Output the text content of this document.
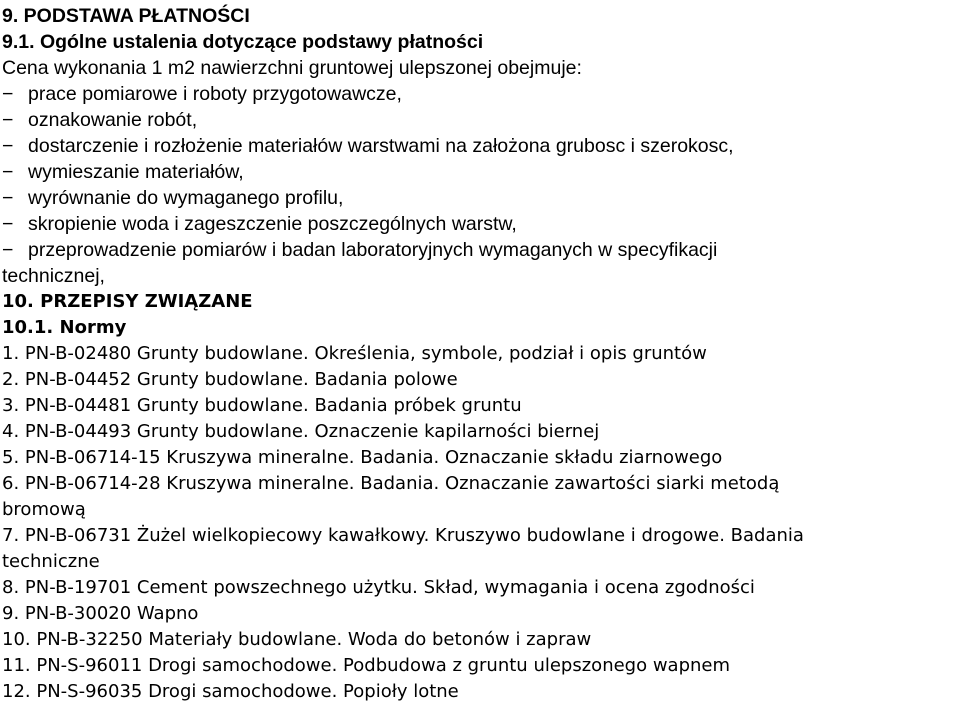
9. PODSTAWA PŁATNOŚCI
9.1. Ogólne ustalenia dotyczące podstawy płatności
Cena wykonania 1 m2 nawierzchni gruntowej ulepszonej obejmuje:
− prace pomiarowe i roboty przygotowawcze,
− oznakowanie robót,
− dostarczenie i rozłożenie materiałów warstwami na założona grubosc i szerokosc,
− wymieszanie materiałów,
− wyrównanie do wymaganego profilu,
− skropienie woda i zageszczenie poszczególnych warstw,
− przeprowadzenie pomiarów i badan laboratoryjnych wymaganych w specyfikacji
technicznej,
10. PRZEPISY ZWIĄZANE
10.1. Normy
1. PN-B-02480 Grunty budowlane. Określenia, symbole, podział i opis gruntów
2. PN-B-04452 Grunty budowlane. Badania polowe
3. PN-B-04481 Grunty budowlane. Badania próbek gruntu
4. PN-B-04493 Grunty budowlane. Oznaczenie kapilarności biernej
5. PN-B-06714-15 Kruszywa mineralne. Badania. Oznaczanie składu ziarnowego
6. PN-B-06714-28 Kruszywa mineralne. Badania. Oznaczanie zawartości siarki metodą
bromową
7. PN-B-06731 Żużel wielkopiecowy kawałkowy. Kruszywo budowlane i drogowe. Badania
techniczne
8. PN-B-19701 Cement powszechnego użytku. Skład, wymagania i ocena zgodności
9. PN-B-30020 Wapno
10. PN-B-32250 Materiały budowlane. Woda do betonów i zapraw
11. PN-S-96011 Drogi samochodowe. Podbudowa z gruntu ulepszonego wapnem
12. PN-S-96035 Drogi samochodowe. Popioły lotne
